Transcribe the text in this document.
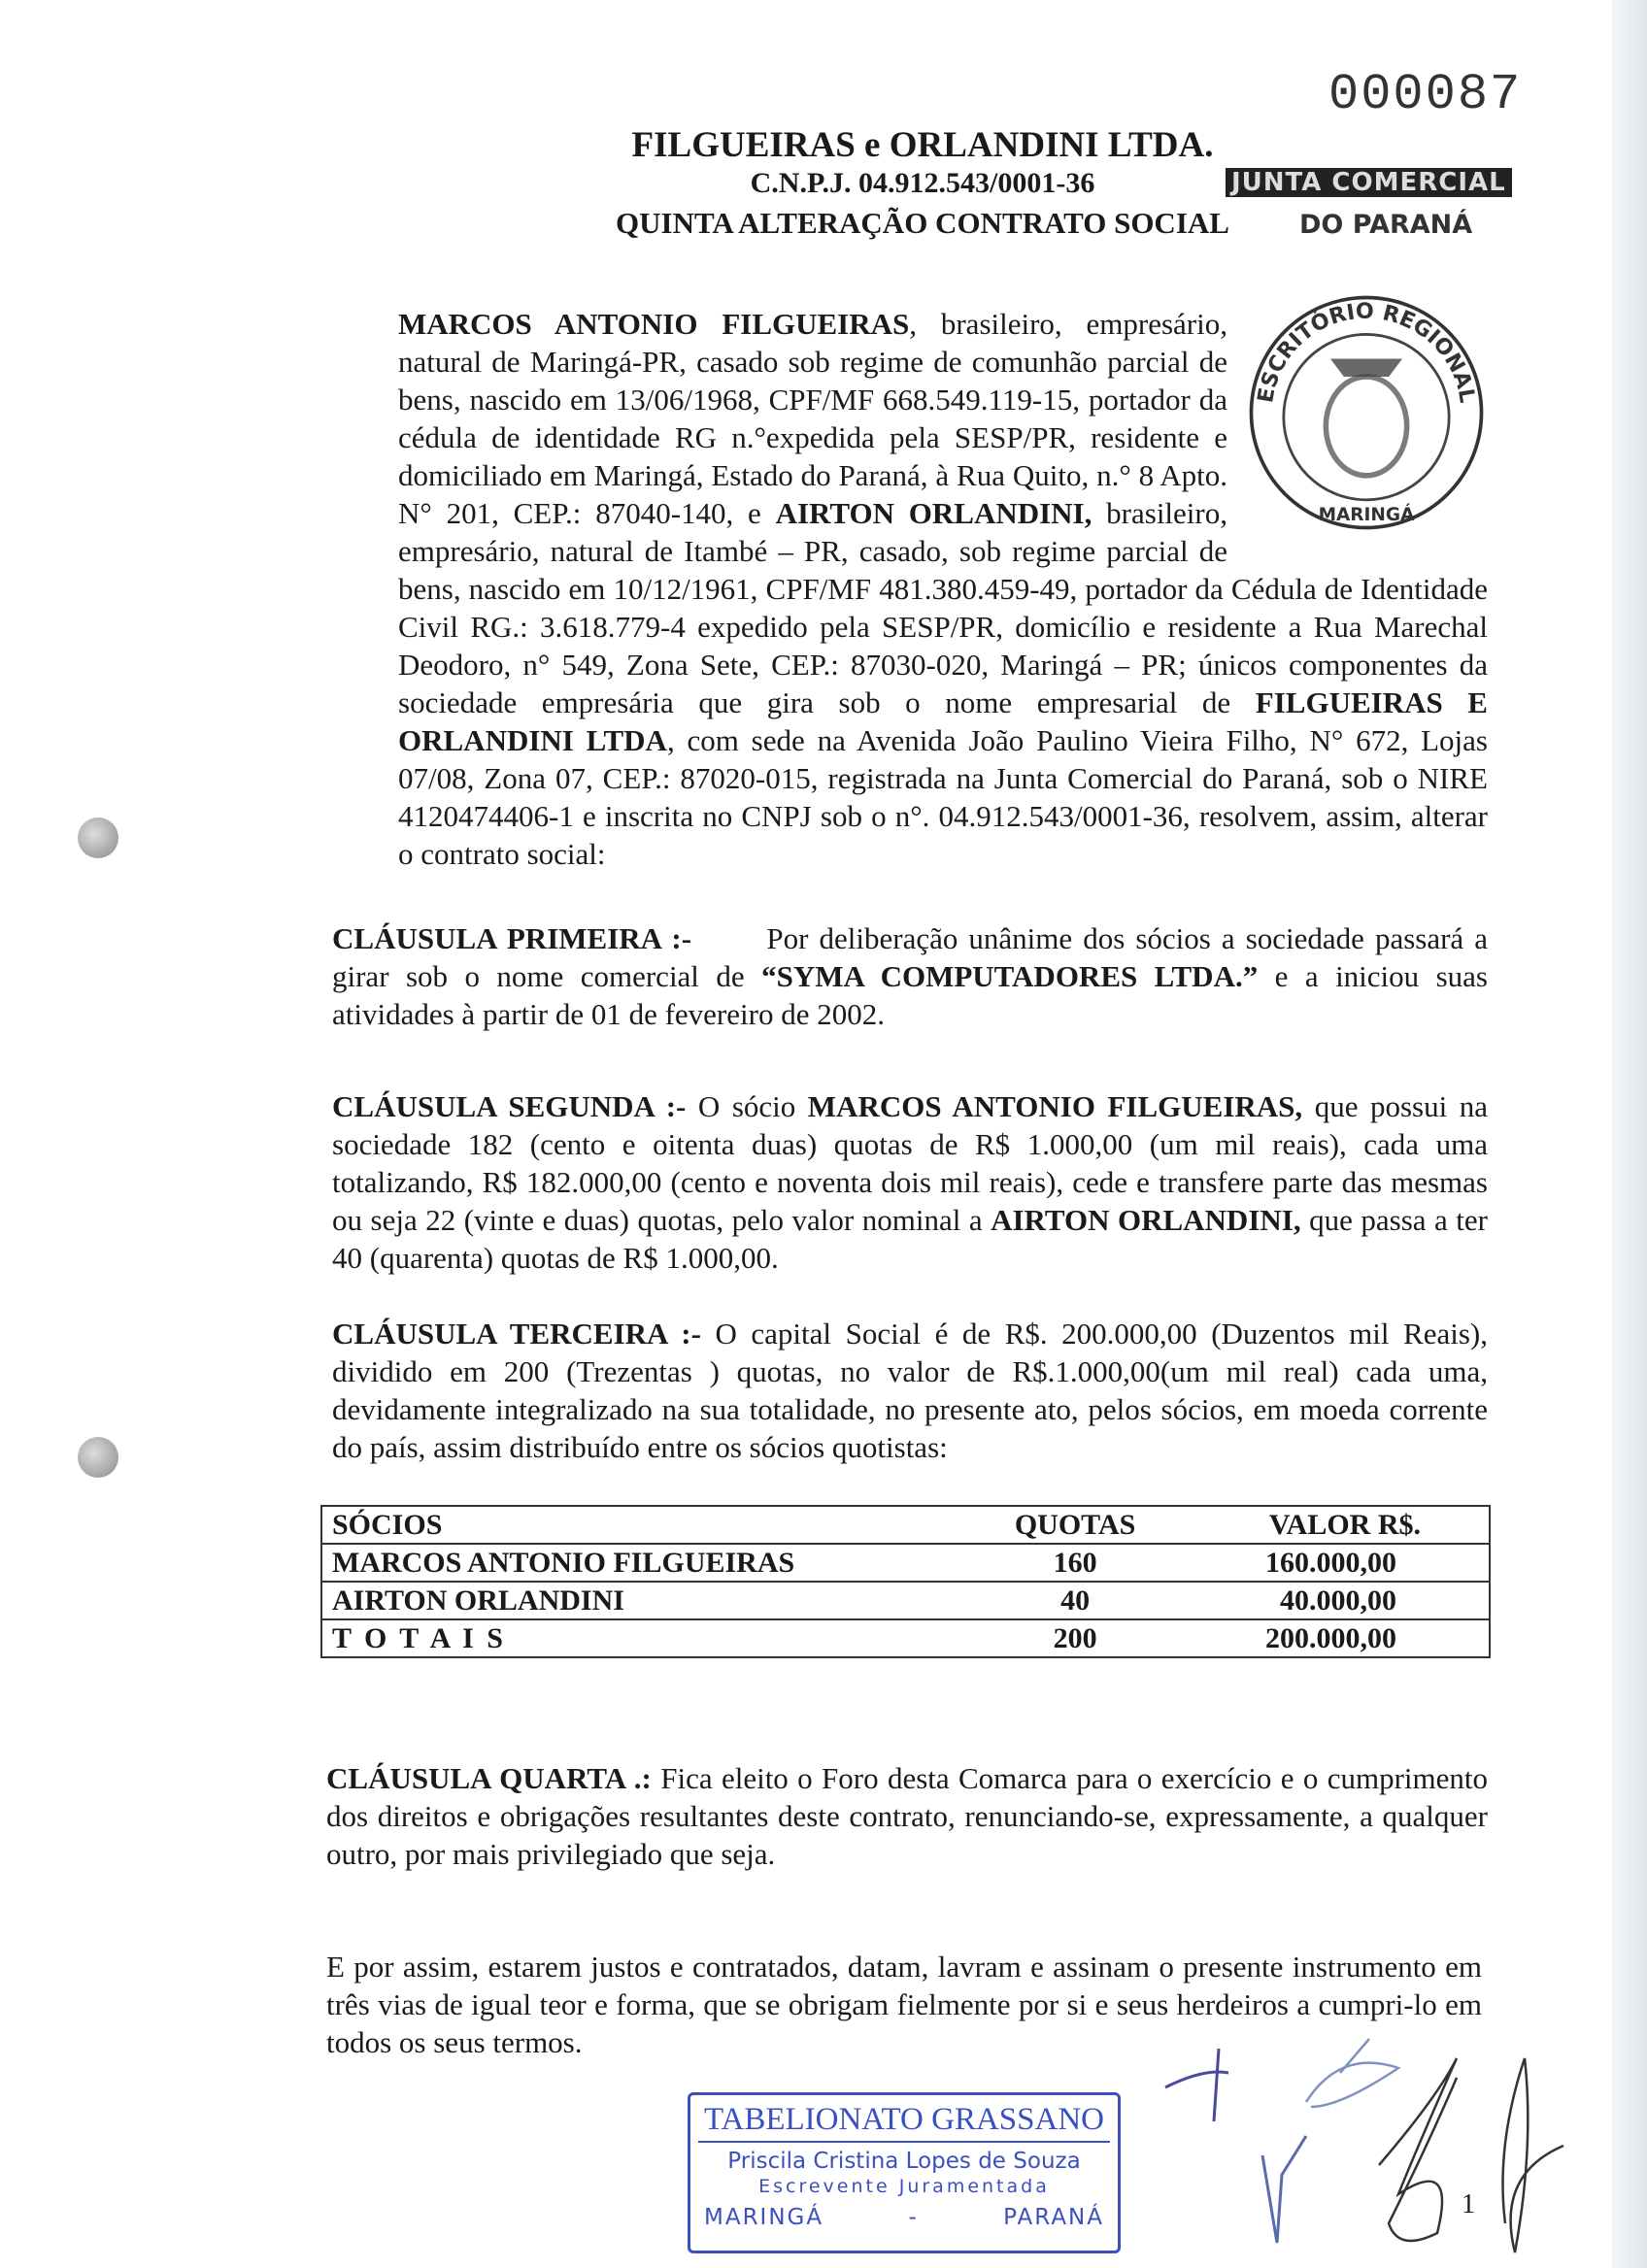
000087
FILGUEIRAS e ORLANDINI LTDA.
C.N.P.J. 04.912.543/0001-36
QUINTA ALTERAÇÃO CONTRATO SOCIAL
JUNTA COMERCIAL
DO PARANÁ
ESCRITÓRIO REGIONAL
MARINGÁ
MARCOS ANTONIO FILGUEIRAS, brasileiro, empresário, natural de Maringá-PR, casado sob regime de comunhão parcial de bens, nascido em 13/06/1968, CPF/MF 668.549.119-15, portador da cédula de identidade RG n.°expedida pela SESP/PR, residente e domiciliado em Maringá, Estado do Paraná, à Rua Quito, n.° 8 Apto. N° 201, CEP.: 87040-140, e AIRTON ORLANDINI, brasileiro, empresário, natural de Itambé – PR, casado, sob regime parcial de bens, nascido em 10/12/1961, CPF/MF 481.380.459-49, portador da Cédula de Identidade Civil RG.: 3.618.779-4 expedido pela SESP/PR, domicílio e residente a Rua Marechal Deodoro, n° 549, Zona Sete, CEP.: 87030-020, Maringá – PR; únicos componentes da sociedade empresária que gira sob o nome empresarial de FILGUEIRAS E ORLANDINI LTDA, com sede na Avenida João Paulino Vieira Filho, N° 672, Lojas 07/08, Zona 07, CEP.: 87020-015, registrada na Junta Comercial do Paraná, sob o NIRE 4120474406-1 e inscrita no CNPJ sob o n°. 04.912.543/0001-36, resolvem, assim, alterar o contrato social:
CLÁUSULA PRIMEIRA :-       Por deliberação unânime dos sócios a sociedade passará a girar sob o nome comercial de “SYMA COMPUTADORES LTDA.” e a iniciou suas atividades à partir de 01 de fevereiro de 2002.
CLÁUSULA SEGUNDA :- O sócio MARCOS ANTONIO FILGUEIRAS, que possui na sociedade 182 (cento e oitenta duas) quotas de R$ 1.000,00 (um mil reais), cada uma totalizando, R$ 182.000,00 (cento e noventa dois mil reais), cede e transfere parte das mesmas ou seja 22 (vinte e duas) quotas, pelo valor nominal a AIRTON ORLANDINI, que passa a ter 40 (quarenta) quotas de R$ 1.000,00.
CLÁUSULA TERCEIRA :- O capital Social é de R$. 200.000,00 (Duzentos mil Reais), dividido em 200 (Trezentas ) quotas, no valor de R$.1.000,00(um mil real) cada uma, devidamente integralizado na sua totalidade, no presente ato, pelos sócios, em moeda corrente do país, assim distribuído entre os sócios quotistas:
SÓCIOS	QUOTAS	VALOR R$.
MARCOS ANTONIO FILGUEIRAS	160	160.000,00
AIRTON ORLANDINI	40	40.000,00
T O T A I S	200	200.000,00
CLÁUSULA QUARTA .: Fica eleito o Foro desta Comarca para o exercício e o cumprimento dos direitos e obrigações resultantes deste contrato, renunciando-se, expressamente, a qualquer outro, por mais privilegiado que seja.
E por assim, estarem justos e contratados, datam, lavram e assinam o presente instrumento em três vias de igual teor e forma, que se obrigam fielmente por si e seus herdeiros a cumpri-lo em todos os seus termos.
TABELIONATO GRASSANO
Priscila Cristina Lopes de Souza
Escrevente Juramentada
MARINGÁ	-	PARANÁ	1
